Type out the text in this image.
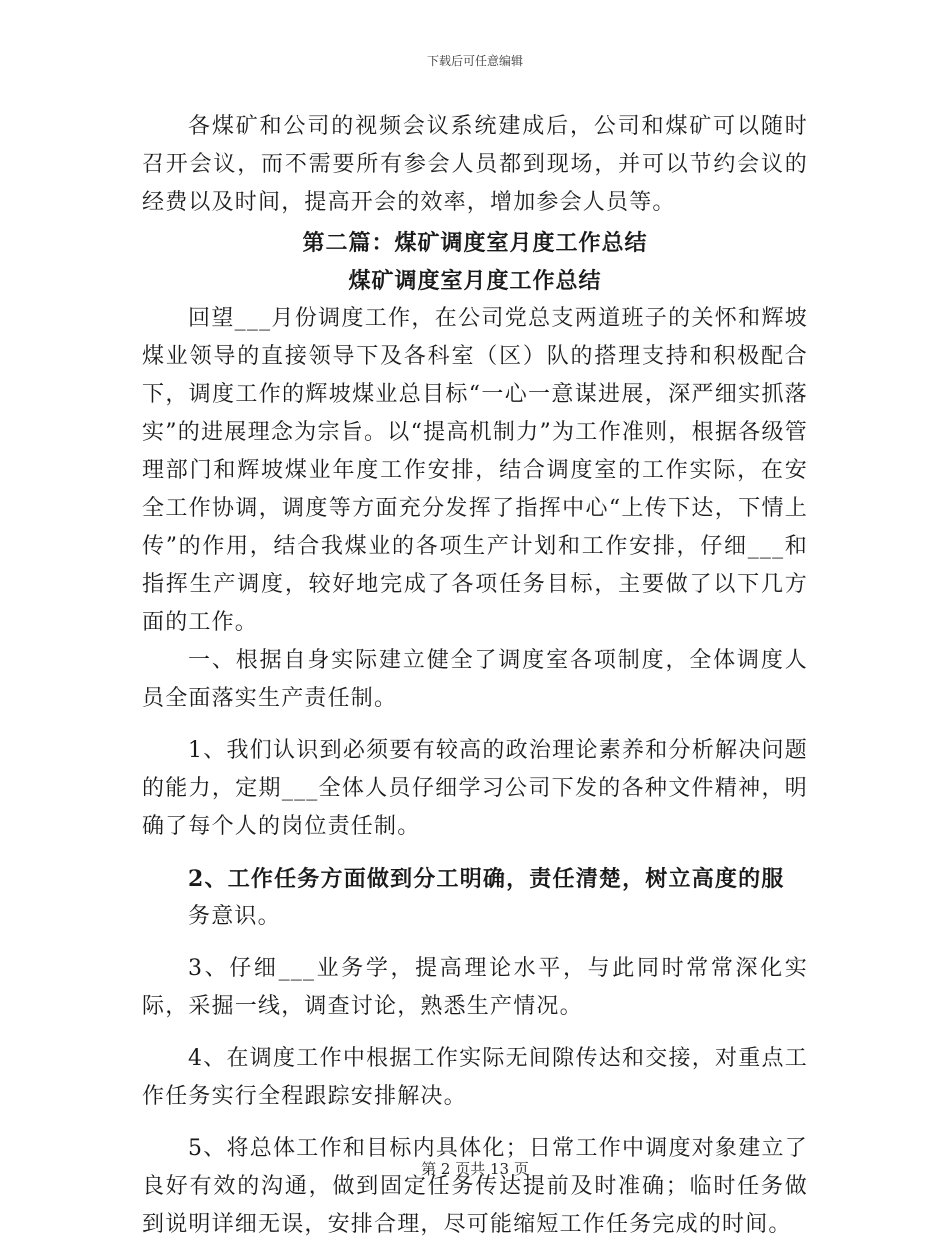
下载后可任意编辑

各煤矿和公司的视频会议系统建成后，公司和煤矿可以随时召开会议，而不需要所有参会人员都到现场，并可以节约会议的经费以及时间，提高开会的效率，增加参会人员等。

第二篇：煤矿调度室月度工作总结

煤矿调度室月度工作总结

回望___月份调度工作，在公司党总支两道班子的关怀和辉坡煤业领导的直接领导下及各科室（区）队的搭理支持和积极配合下，调度工作的辉坡煤业总目标“一心一意谋进展，深严细实抓落实”的进展理念为宗旨。以“提高机制力”为工作准则，根据各级管理部门和辉坡煤业年度工作安排，结合调度室的工作实际，在安全工作协调，调度等方面充分发挥了指挥中心“上传下达，下情上传”的作用，结合我煤业的各项生产计划和工作安排，仔细___和指挥生产调度，较好地完成了各项任务目标，主要做了以下几方面的工作。

一、根据自身实际建立健全了调度室各项制度，全体调度人员全面落实生产责任制。

1、我们认识到必须要有较高的政治理论素养和分析解决问题的能力，定期___全体人员仔细学习公司下发的各种文件精神，明确了每个人的岗位责任制。

2、工作任务方面做到分工明确，责任清楚，树立高度的服

务意识。

3、仔细___业务学，提高理论水平，与此同时常常深化实际，采掘一线，调查讨论，熟悉生产情况。

4、在调度工作中根据工作实际无间隙传达和交接，对重点工作任务实行全程跟踪安排解决。

5、将总体工作和目标内具体化；日常工作中调度对象建立了良好有效的沟通，做到固定任务传达提前及时准确；临时任务做到说明详细无误，安排合理，尽可能缩短工作任务完成的时间。

第 2 页共 13 页
